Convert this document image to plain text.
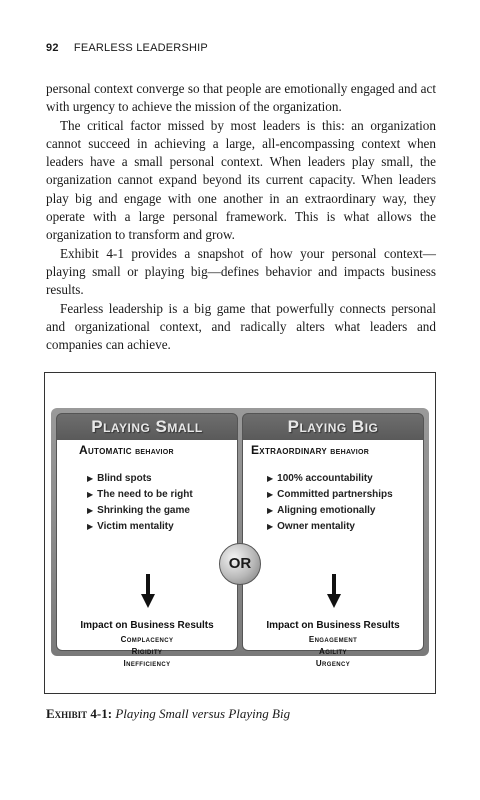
92 FEARLESS LEADERSHIP

personal context converge so that people are emotionally engaged and act with urgency to achieve the mission of the organization.

The critical factor missed by most leaders is this: an organization cannot succeed in achieving a large, all-encompassing context when leaders have a small personal context. When leaders play small, the organization cannot expand beyond its current capacity. When leaders play big and engage with one another in an extraordinary way, they operate with a large personal framework. This is what allows the organization to transform and grow.

Exhibit 4-1 provides a snapshot of how your personal context—playing small or playing big—defines behavior and impacts business results.

Fearless leadership is a big game that powerfully connects personal and organizational context, and radically alters what leaders and companies can achieve.

Playing Small
Automatic behavior
▶ Blind spots
▶ The need to be right
▶ Shrinking the game
▶ Victim mentality
Impact on Business Results
Complacency
Rigidity
Inefficiency
Playing Big
Extraordinary behavior
▶ 100% accountability
▶ Committed partnerships
▶ Aligning emotionally
▶ Owner mentality
Impact on Business Results
Engagement
Agility
Urgency
OR
Exhibit 4-1: Playing Small versus Playing Big
